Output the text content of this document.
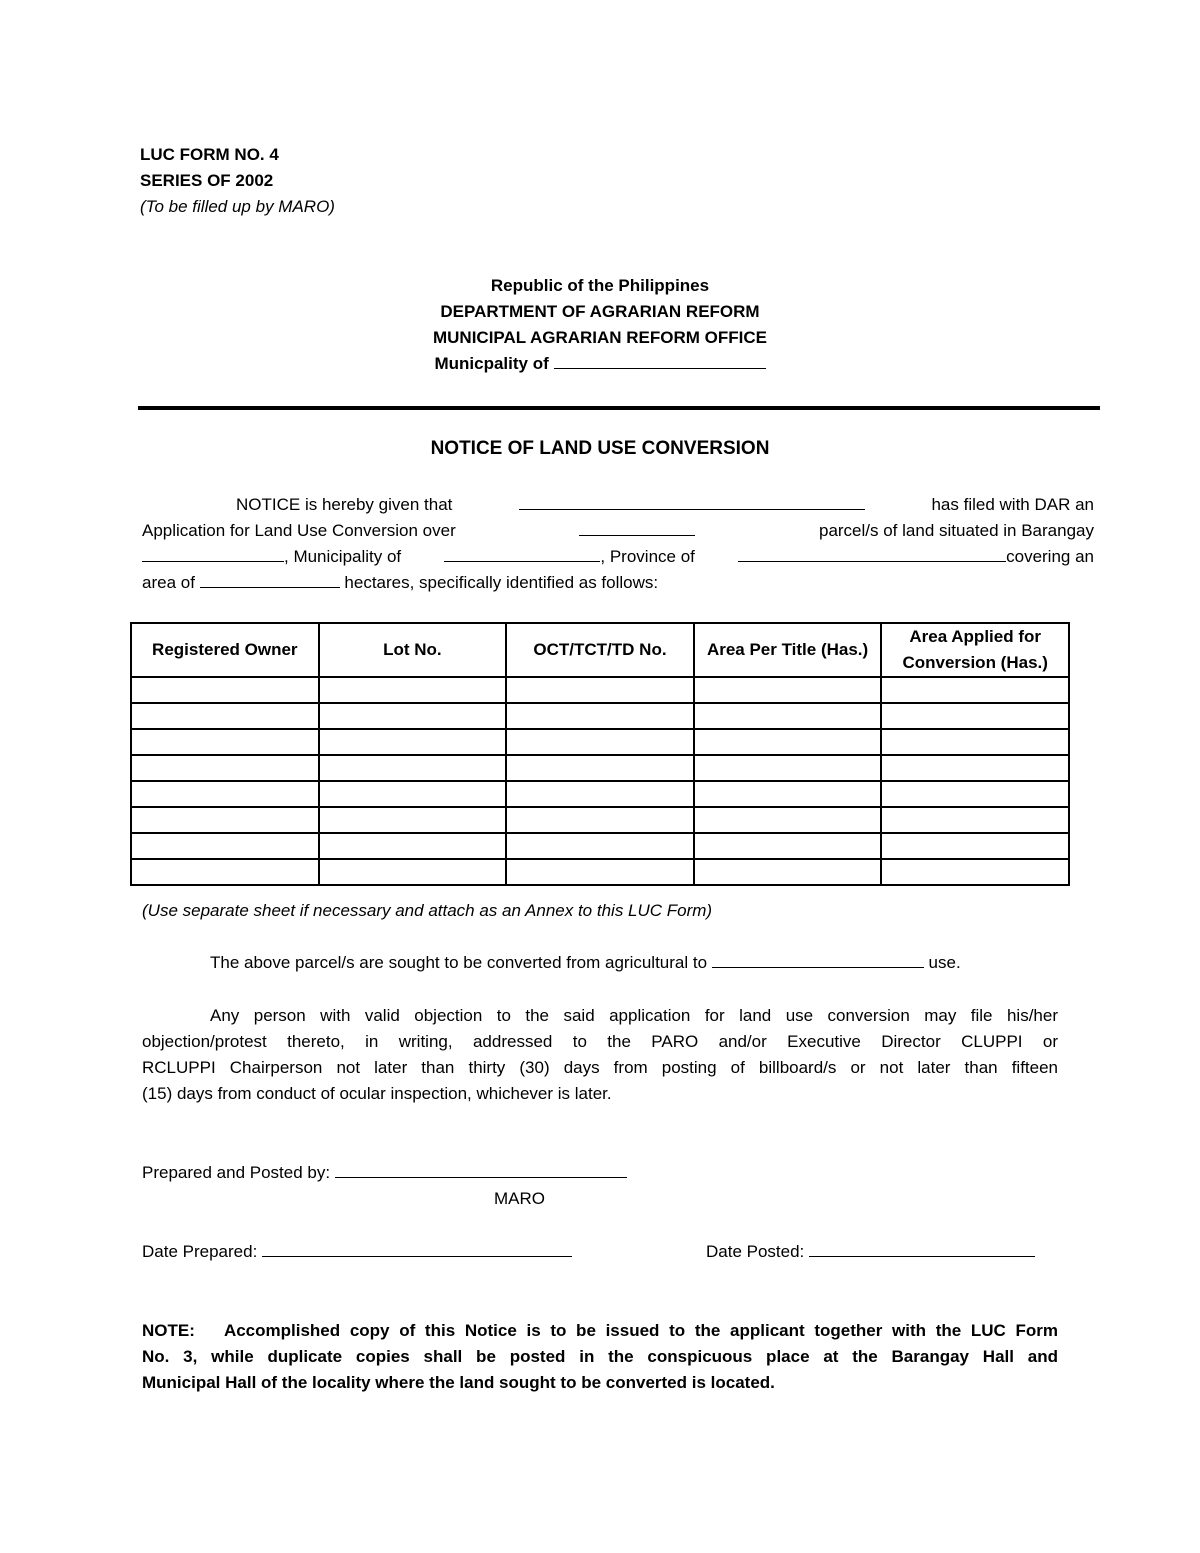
LUC FORM NO. 4
SERIES OF 2002
(To be filled up by MARO)
Republic of the Philippines
DEPARTMENT OF AGRARIAN REFORM
MUNICIPAL AGRARIAN REFORM OFFICE
Municpality of
NOTICE OF LAND USE CONVERSION
NOTICE is hereby given that	has filed with DAR an
Application for Land Use Conversion over	parcel/s of land situated in Barangay
, Municipality of	, Province of	covering an
area of	hectares, specifically identified as follows:
Registered Owner	Lot No.	OCT/TCT/TD No.	Area Per Title (Has.)	Area Applied for Conversion (Has.)

(Use separate sheet if necessary and attach as an Annex to this LUC Form)
The above parcel/s are sought to be converted from agricultural to	use.
Any person with valid objection to the said application for land use conversion may file his/her
objection/protest thereto, in writing, addressed to the PARO and/or Executive Director CLUPPI or
RCLUPPI Chairperson not later than thirty (30) days from posting of billboard/s or not later than fifteen
(15) days from conduct of ocular inspection, whichever is later.
Prepared and Posted by:
MARO
Date Prepared:	Date Posted:
NOTE: Accomplished copy of this Notice is to be issued to the applicant together with the LUC Form
No. 3, while duplicate copies shall be posted in the conspicuous place at the Barangay Hall and
Municipal Hall of the locality where the land sought to be converted is located.
